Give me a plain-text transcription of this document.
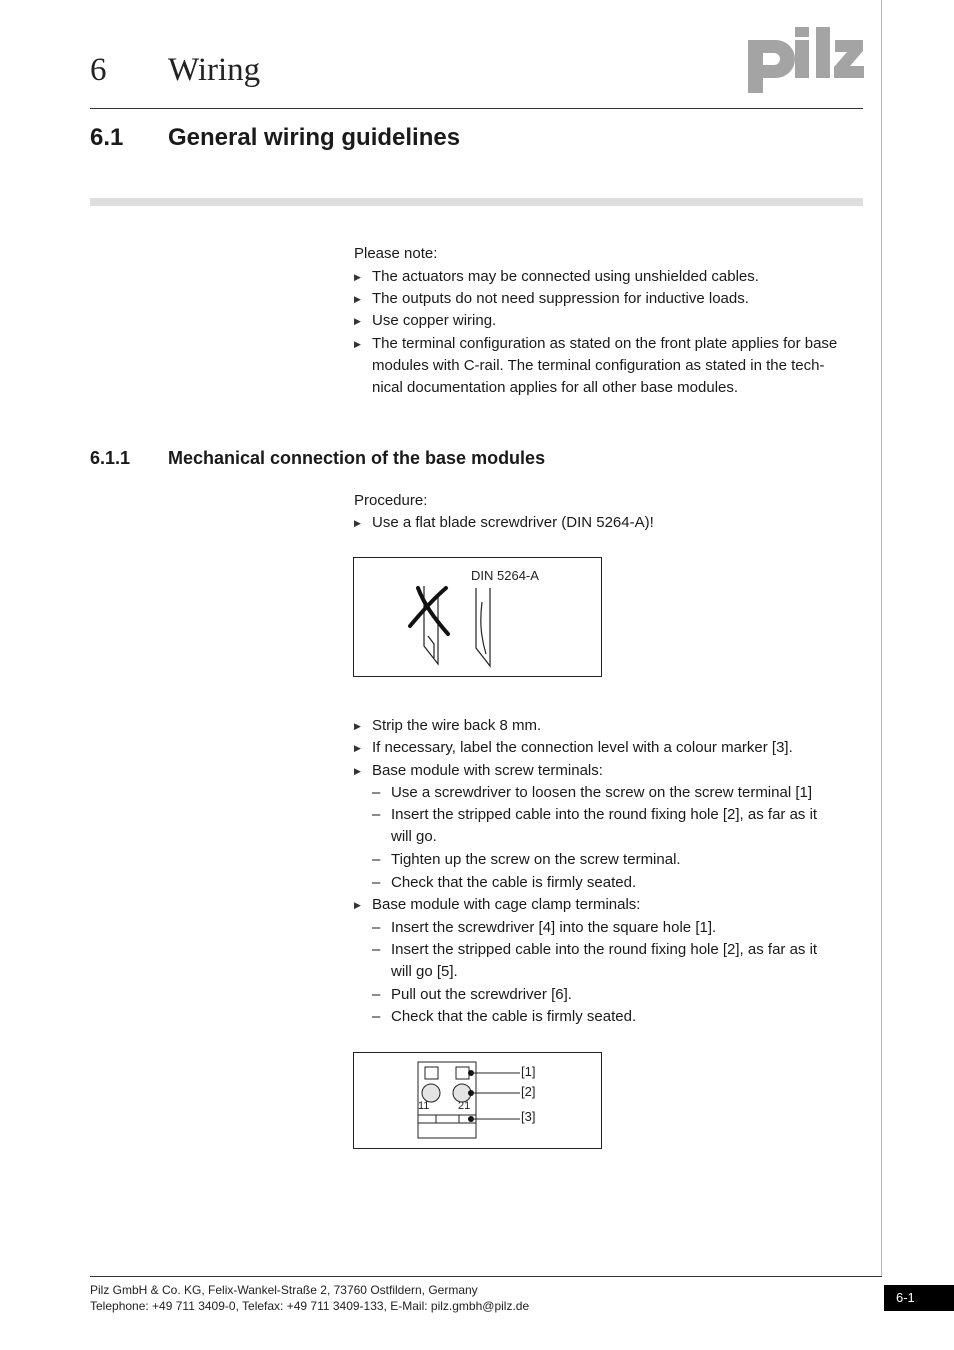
6 Wiring
6.1 General wiring guidelines
Please note:
▶ The actuators may be connected using unshielded cables.
▶ The outputs do not need suppression for inductive loads.
▶ Use copper wiring.
▶ The terminal configuration as stated on the front plate applies for base
modules with C-rail. The terminal configuration as stated in the tech-
nical documentation applies for all other base modules.
6.1.1 Mechanical connection of the base modules
Procedure:
▶ Use a flat blade screwdriver (DIN 5264-A)!
DIN 5264-A
▶ Strip the wire back 8 mm.
▶ If necessary, label the connection level with a colour marker [3].
▶ Base module with screw terminals:
– Use a screwdriver to loosen the screw on the screw terminal [1]
– Insert the stripped cable into the round fixing hole [2], as far as it
will go.
– Tighten up the screw on the screw terminal.
– Check that the cable is firmly seated.
▶ Base module with cage clamp terminals:
– Insert the screwdriver [4] into the square hole [1].
– Insert the stripped cable into the round fixing hole [2], as far as it
will go [5].
– Pull out the screwdriver [6].
– Check that the cable is firmly seated.
[1]
[2]
[3]
11	21
Pilz GmbH & Co. KG, Felix-Wankel-Straße 2, 73760 Ostfildern, Germany
Telephone: +49 711 3409-0, Telefax: +49 711 3409-133, E-Mail: pilz.gmbh@pilz.de
6-1
